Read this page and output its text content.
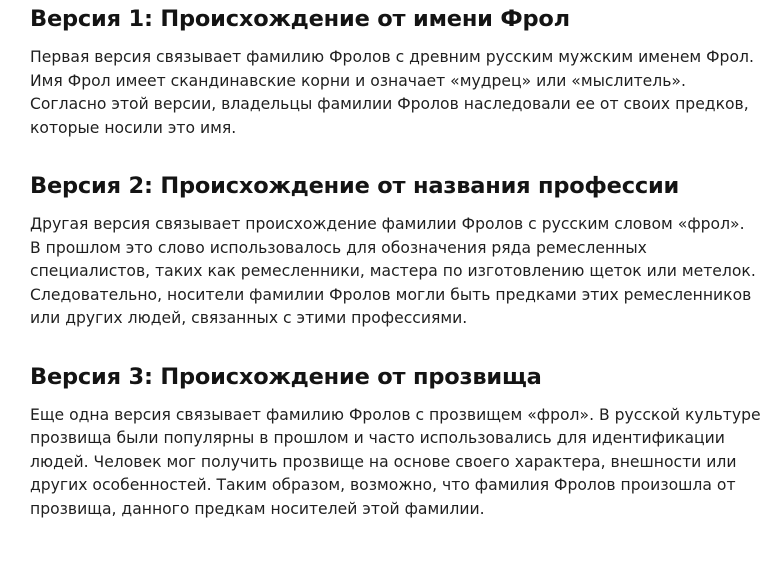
Версия 1: Происхождение от имени Фрол

Первая версия связывает фамилию Фролов с древним русским мужским именем Фрол. Имя Фрол имеет скандинавские корни и означает «мудрец» или «мыслитель». Согласно этой версии, владельцы фамилии Фролов наследовали ее от своих предков, которые носили это имя.

Версия 2: Происхождение от названия профессии

Другая версия связывает происхождение фамилии Фролов с русским словом «фрол». В прошлом это слово использовалось для обозначения ряда ремесленных специалистов, таких как ремесленники, мастера по изготовлению щеток или метелок. Следовательно, носители фамилии Фролов могли быть предками этих ремесленников или других людей, связанных с этими профессиями.

Версия 3: Происхождение от прозвища

Еще одна версия связывает фамилию Фролов с прозвищем «фрол». В русской культуре прозвища были популярны в прошлом и часто использовались для идентификации людей. Человек мог получить прозвище на основе своего характера, внешности или других особенностей. Таким образом, возможно, что фамилия Фролов произошла от прозвища, данного предкам носителей этой фамилии.
